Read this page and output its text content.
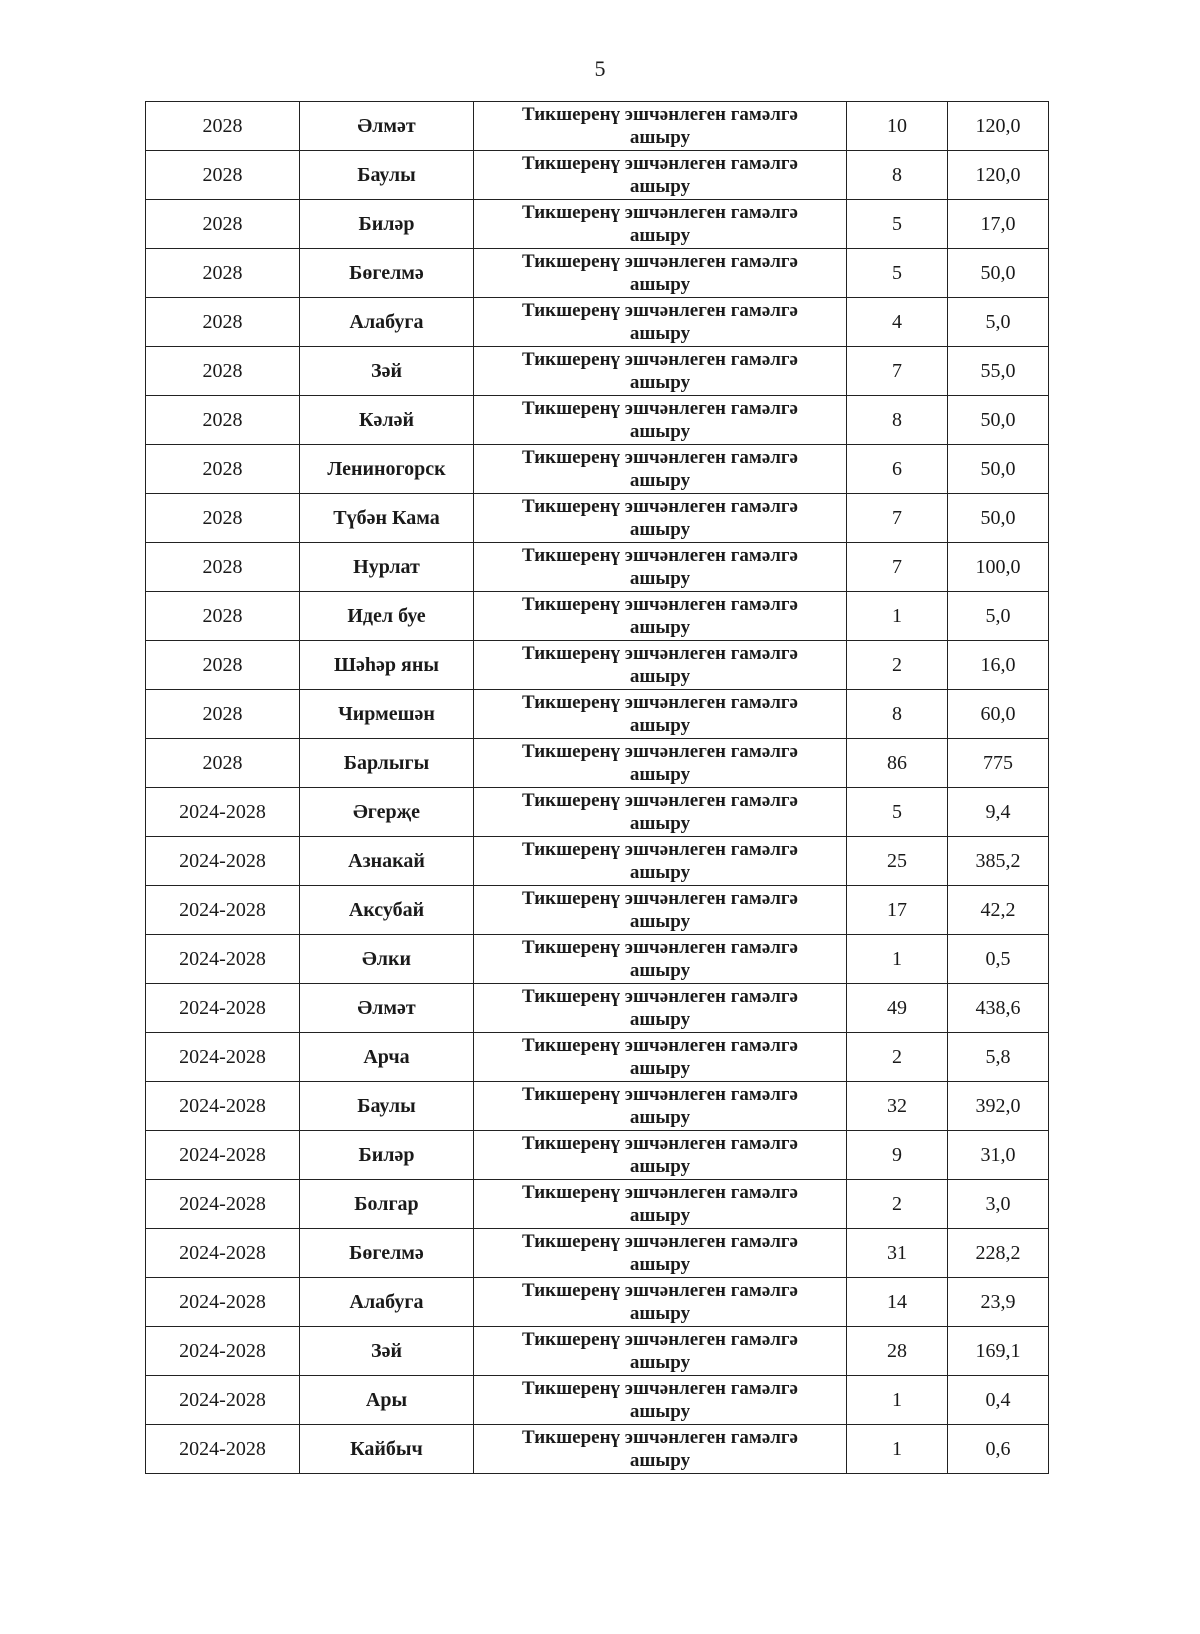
5
2028	Әлмәт	Тикшеренү эшчәнлеген гамәлгә ашыру	10	120,0
2028	Баулы	Тикшеренү эшчәнлеген гамәлгә ашыру	8	120,0
2028	Биләр	Тикшеренү эшчәнлеген гамәлгә ашыру	5	17,0
2028	Бөгелмә	Тикшеренү эшчәнлеген гамәлгә ашыру	5	50,0
2028	Алабуга	Тикшеренү эшчәнлеген гамәлгә ашыру	4	5,0
2028	Зәй	Тикшеренү эшчәнлеген гамәлгә ашыру	7	55,0
2028	Кәләй	Тикшеренү эшчәнлеген гамәлгә ашыру	8	50,0
2028	Лениногорск	Тикшеренү эшчәнлеген гамәлгә ашыру	6	50,0
2028	Түбән Кама	Тикшеренү эшчәнлеген гамәлгә ашыру	7	50,0
2028	Нурлат	Тикшеренү эшчәнлеген гамәлгә ашыру	7	100,0
2028	Идел буе	Тикшеренү эшчәнлеген гамәлгә ашыру	1	5,0
2028	Шәһәр яны	Тикшеренү эшчәнлеген гамәлгә ашыру	2	16,0
2028	Чирмешән	Тикшеренү эшчәнлеген гамәлгә ашыру	8	60,0
2028	Барлыгы	Тикшеренү эшчәнлеген гамәлгә ашыру	86	775
2024-2028	Әгерҗе	Тикшеренү эшчәнлеген гамәлгә ашыру	5	9,4
2024-2028	Азнакай	Тикшеренү эшчәнлеген гамәлгә ашыру	25	385,2
2024-2028	Аксубай	Тикшеренү эшчәнлеген гамәлгә ашыру	17	42,2
2024-2028	Әлки	Тикшеренү эшчәнлеген гамәлгә ашыру	1	0,5
2024-2028	Әлмәт	Тикшеренү эшчәнлеген гамәлгә ашыру	49	438,6
2024-2028	Арча	Тикшеренү эшчәнлеген гамәлгә ашыру	2	5,8
2024-2028	Баулы	Тикшеренү эшчәнлеген гамәлгә ашыру	32	392,0
2024-2028	Биләр	Тикшеренү эшчәнлеген гамәлгә ашыру	9	31,0
2024-2028	Болгар	Тикшеренү эшчәнлеген гамәлгә ашыру	2	3,0
2024-2028	Бөгелмә	Тикшеренү эшчәнлеген гамәлгә ашыру	31	228,2
2024-2028	Алабуга	Тикшеренү эшчәнлеген гамәлгә ашыру	14	23,9
2024-2028	Зәй	Тикшеренү эшчәнлеген гамәлгә ашыру	28	169,1
2024-2028	Ары	Тикшеренү эшчәнлеген гамәлгә ашыру	1	0,4
2024-2028	Кайбыч	Тикшеренү эшчәнлеген гамәлгә ашыру	1	0,6
